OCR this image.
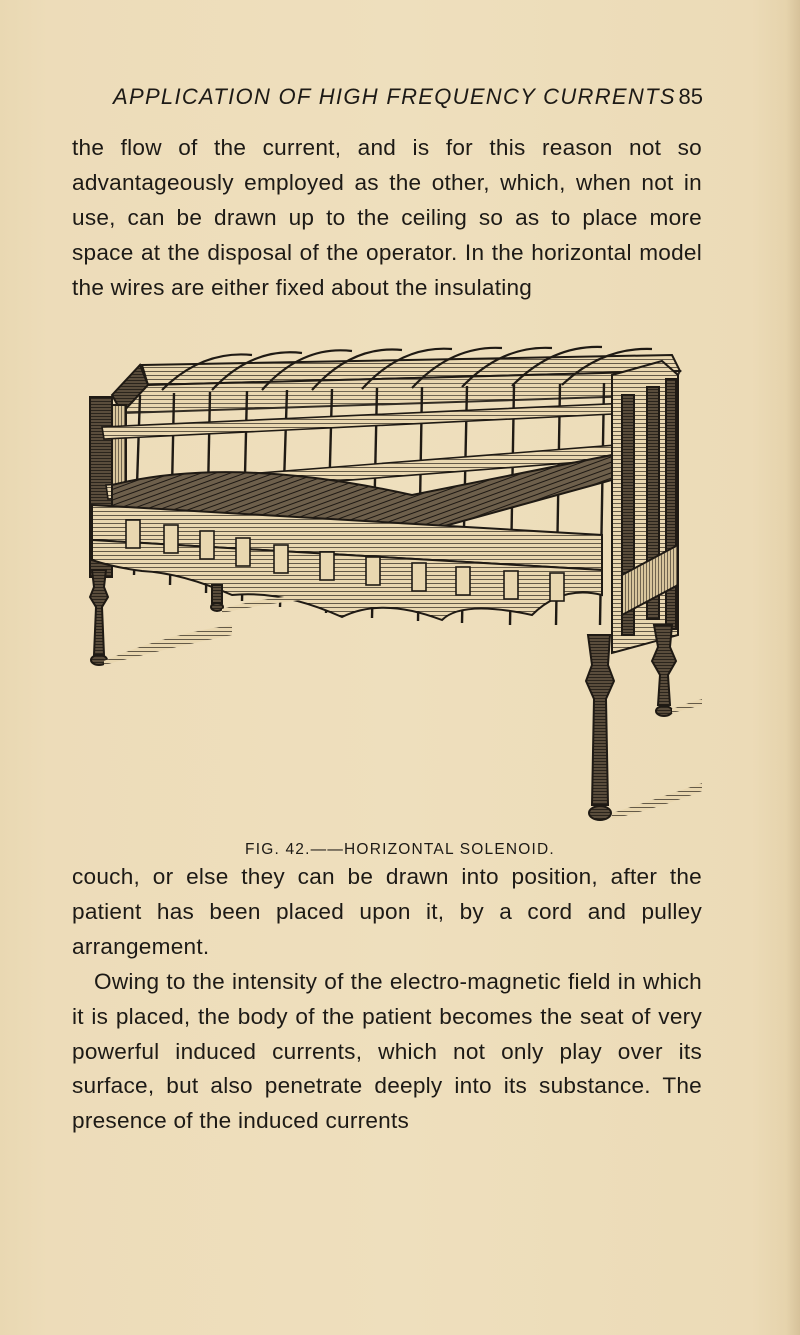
APPLICATION OF HIGH FREQUENCY CURRENTS 85

the flow of the current, and is for this reason not so advantageously employed as the other, which, when not in use, can be drawn up to the ceiling so as to place more space at the disposal of the operator. In the horizontal model the wires are either fixed about the insulating

FIG. 42.——HORIZONTAL SOLENOID.

couch, or else they can be drawn into position, after the patient has been placed upon it, by a cord and pulley arrangement.

Owing to the intensity of the electro-magnetic field in which it is placed, the body of the patient becomes the seat of very powerful induced currents, which not only play over its surface, but also penetrate deeply into its substance. The presence of the induced currents
